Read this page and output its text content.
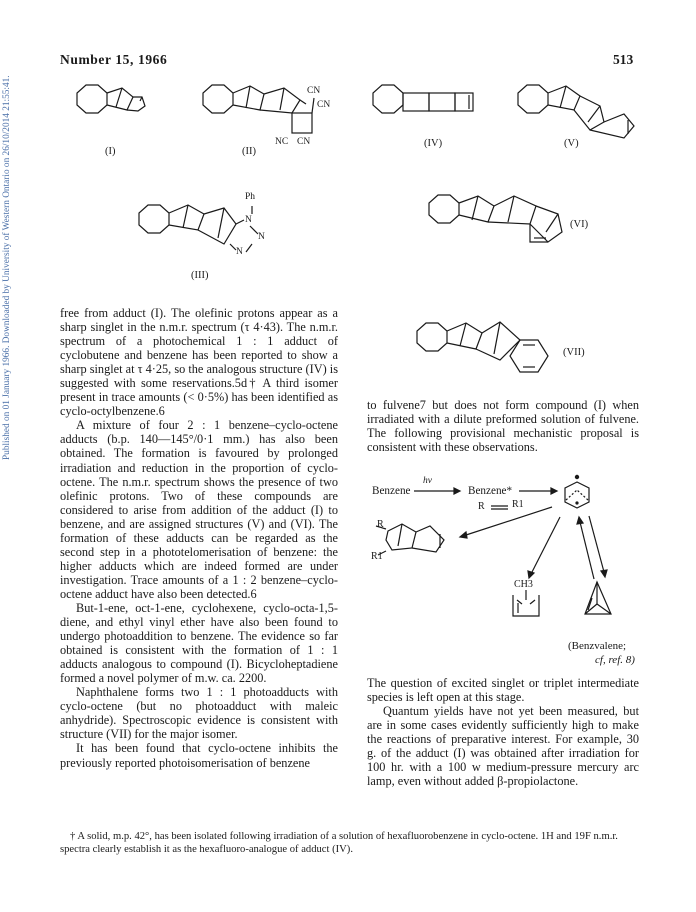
Published on 01 January 1966. Downloaded by University of Western Ontario on 26/10/2014 21:55:41.
Number 15, 1966	513
(I)
CN
CN
NC CN
(II)
(IV)	(V)
Ph
N
N
N
(III)
(VI)
(VII)

free from adduct (I). The olefinic protons appear as a sharp singlet in the n.m.r. spectrum (τ 4·43). The n.m.r. spectrum of a photochemical 1 : 1 adduct of cyclobutene and benzene has been reported to show a sharp singlet at τ 4·25, so the analogous structure (IV) is suggested with some reservations.5d† A third isomer present in trace amounts (< 0·5%) has been identified as cyclo-octylbenzene.6

A mixture of four 2 : 1 benzene–cyclo-octene adducts (b.p. 140—145°/0·1 mm.) has also been obtained. The formation is favoured by prolonged irradiation and reduction in the proportion of cyclo-octene. The n.m.r. spectrum shows the presence of two olefinic protons. Two of these compounds are considered to arise from addition of the adduct (I) to benzene, and are assigned structures (V) and (VI). The formation of these adducts can be regarded as the second step in a phototelomerisation of benzene: the higher adducts which are indeed formed are under investigation. Trace amounts of a 1 : 2 benzene–cyclo-octene adduct have also been detected.6

But-1-ene, oct-1-ene, cyclohexene, cyclo-octa-1,5-diene, and ethyl vinyl ether have also been found to undergo photoaddition to benzene. The evidence so far obtained is consistent with the formation of 1 : 1 adducts analogous to compound (I). Bicycloheptadiene formed a novel polymer of m.w. ca. 2200.

Naphthalene forms two 1 : 1 photoadducts with cyclo-octene (but no photoadduct with maleic anhydride). Spectroscopic evidence is consistent with structure (VII) for the major isomer.

It has been found that cyclo-octene inhibits the previously reported photoisomerisation of benzene

to fulvene7 but does not form compound (I) when irradiated with a dilute preformed solution of fulvene. The following provisional mechanistic proposal is consistent with these observations.

Benzene
hν
Benzene*
R	R1
R
R1
CH3
(Benzvalene;
cf, ref. 8)

The question of excited singlet or triplet intermediate species is left open at this stage.

Quantum yields have not yet been measured, but are in some cases evidently sufficiently high to make the reactions of preparative interest. For example, 30 g. of the adduct (I) was obtained after irradiation for 100 hr. with a 100 w medium-pressure mercury arc lamp, even without added β-propiolactone.

† A solid, m.p. 42°, has been isolated following irradiation of a solution of hexafluorobenzene in cyclo-octene. 1H and 19F n.m.r. spectra clearly establish it as the hexafluoro-analogue of adduct (IV).
